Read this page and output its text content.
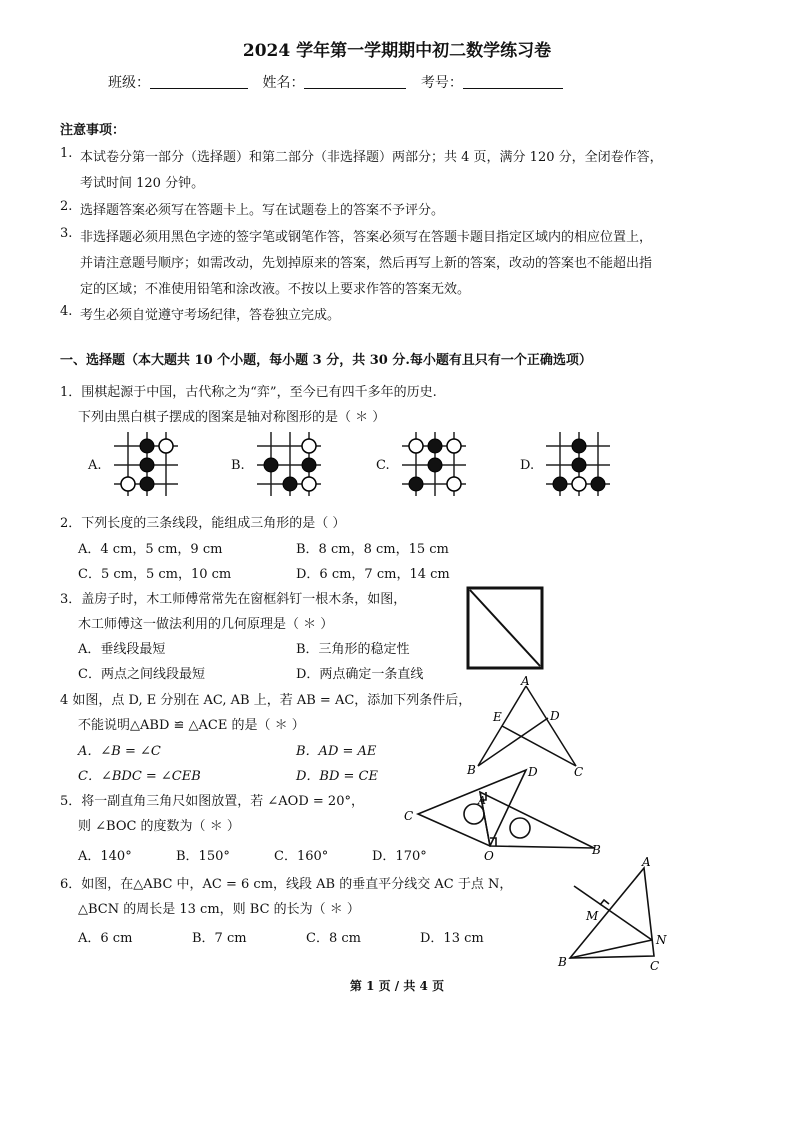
2024 学年第一学期期中初二数学练习卷
班级：	姓名：	考号：
注意事项：
1. 本试卷分第一部分（选择题）和第二部分（非选择题）两部分；共 4 页，满分 120 分，全闭卷作答，
考试时间 120 分钟。
2. 选择题答案必须写在答题卡上。写在试题卷上的答案不予评分。
3. 非选择题必须用黑色字迹的签字笔或钢笔作答，答案必须写在答题卡题目指定区域内的相应位置上，
并请注意题号顺序；如需改动，先划掉原来的答案，然后再写上新的答案，改动的答案也不能超出指
定的区域；不准使用铅笔和涂改液。不按以上要求作答的答案无效。
4. 考生必须自觉遵守考场纪律，答卷独立完成。
一、选择题（本大题共 10 个小题，每小题 3 分，共 30 分.每小题有且只有一个正确选项）
1．围棋起源于中国，古代称之为“弈”，至今已有四千多年的历史.
下列由黑白棋子摆成的图案是轴对称图形的是（ ＊ ）
A.	B.	C.	D.
2．下列长度的三条线段，能组成三角形的是（ ）
A．4 cm，5 cm，9 cm	B．8 cm，8 cm，15 cm
C．5 cm，5 cm，10 cm	D．6 cm，7 cm，14 cm
3．盖房子时，木工师傅常常先在窗框斜钉一根木条，如图，
木工师傅这一做法利用的几何原理是（ ＊ ）
A．垂线段最短	B．三角形的稳定性
C．两点之间线段最短	D．两点确定一条直线
4 如图，点 D, E 分别在 AC, AB 上，若 AB = AC，添加下列条件后，
不能说明△ABD ≌ △ACE 的是（ ＊ ）
A．∠B = ∠C	B．AD = AE
C．∠BDC = ∠CEB	D．BD = CE
A
E	D
B	C
5．将一副直角三角尺如图放置，若 ∠AOD = 20°，
则 ∠BOC 的度数为（ ＊ ）
A．140°	B．150°	C．160°	D．170°
C
D
A
B
O
6．如图，在△ABC 中，AC = 6 cm，线段 AB 的垂直平分线交 AC 于点 N，
△BCN 的周长是 13 cm，则 BC 的长为（ ＊ ）
A．6 cm	B．7 cm	C．8 cm	D．13 cm
A
M
N
B	C
第 1 页 / 共 4 页
